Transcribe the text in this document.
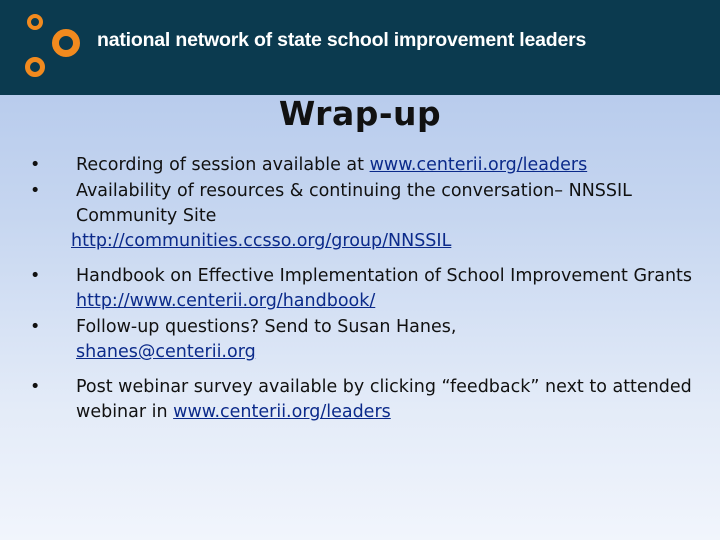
national network of state school improvement leaders
Wrap-up
• Recording of session available at www.centerii.org/leaders
• Availability of resources & continuing the conversation– NNSSIL Community Site
http://communities.ccsso.org/group/NNSSIL
• Handbook on Effective Implementation of School Improvement Grants
http://www.centerii.org/handbook/
• Follow-up questions? Send to Susan Hanes,
shanes@centerii.org
• Post webinar survey available by clicking “feedback” next to attended webinar in www.centerii.org/leaders
